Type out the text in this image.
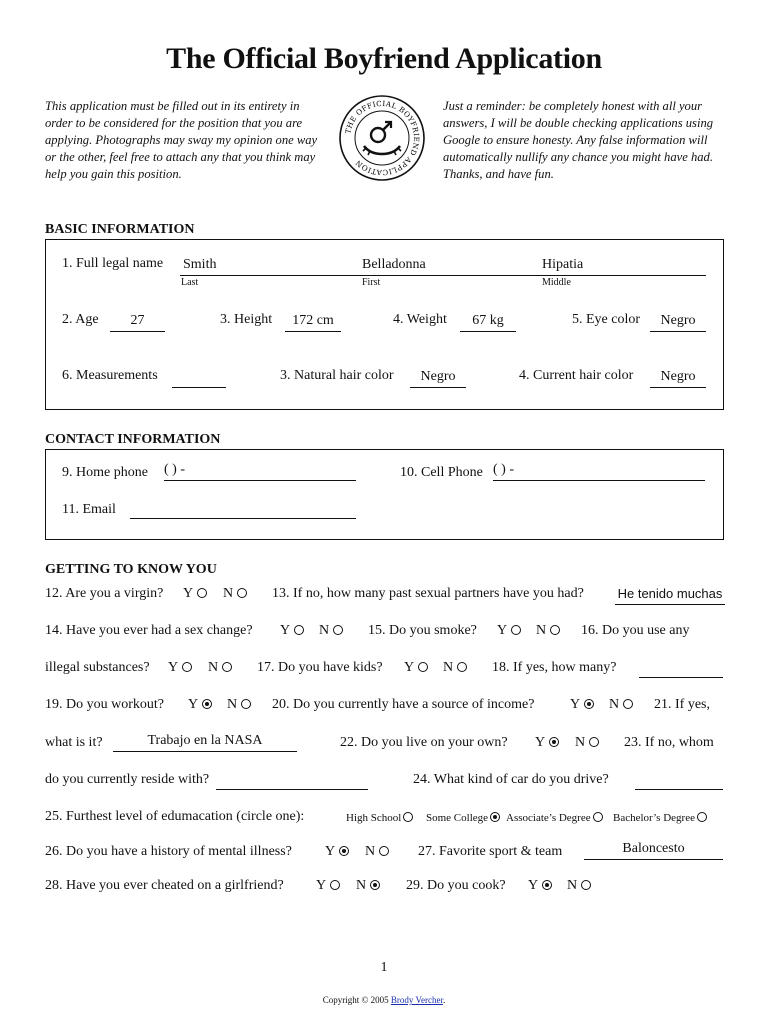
The Official Boyfriend Application
This application must be filled out in its entirety in order to be considered for the position that you are applying. Photographs may sway my opinion one way or the other, feel free to attach any that you think may help you gain this position.
THE OFFICIAL BOYFRIEND APPLICATION
Just a reminder: be completely honest with all your answers, I will be double checking applications using Google to ensure honesty. Any false information will automatically nullify any chance you might have had. Thanks, and have fun.
BASIC INFORMATION
1. Full legal name Smith	Belladonna	Hipatia
Last	First	Middle
2. Age	27	3. Height	172 cm	4. Weight	67 kg	5. Eye color	Negro
6. Measurements	3. Natural hair color	Negro	4. Current hair color	Negro
CONTACT INFORMATION
9. Home phone ( ) -	10. Cell Phone ( ) -
11. Email
GETTING TO KNOW YOU
12. Are you a virgin? Y	N	13. If no, how many past sexual partners have you had?	He tenido muchas
14. Have you ever had a sex change? Y	N	15. Do you smoke? Y	N	16. Do you use any
illegal substances? Y	N	17. Do you have kids? Y	N	18. If yes, how many?
19. Do you workout? Y	N	20. Do you currently have a source of income?	Y	N	21. If yes,
what is it?	Trabajo en la NASA	22. Do you live on your own? Y	N	23. If no, whom
do you currently reside with?	24. What kind of car do you drive?
25. Furthest level of edumacation (circle one):	High School	Some College	Associate’s Degree	Bachelor’s Degree
26. Do you have a history of mental illness? Y	N	27. Favorite sport & team	Baloncesto
28. Have you ever cheated on a girlfriend? Y	N	29. Do you cook? Y	N
1
Copyright © 2005 Brody Vercher.
